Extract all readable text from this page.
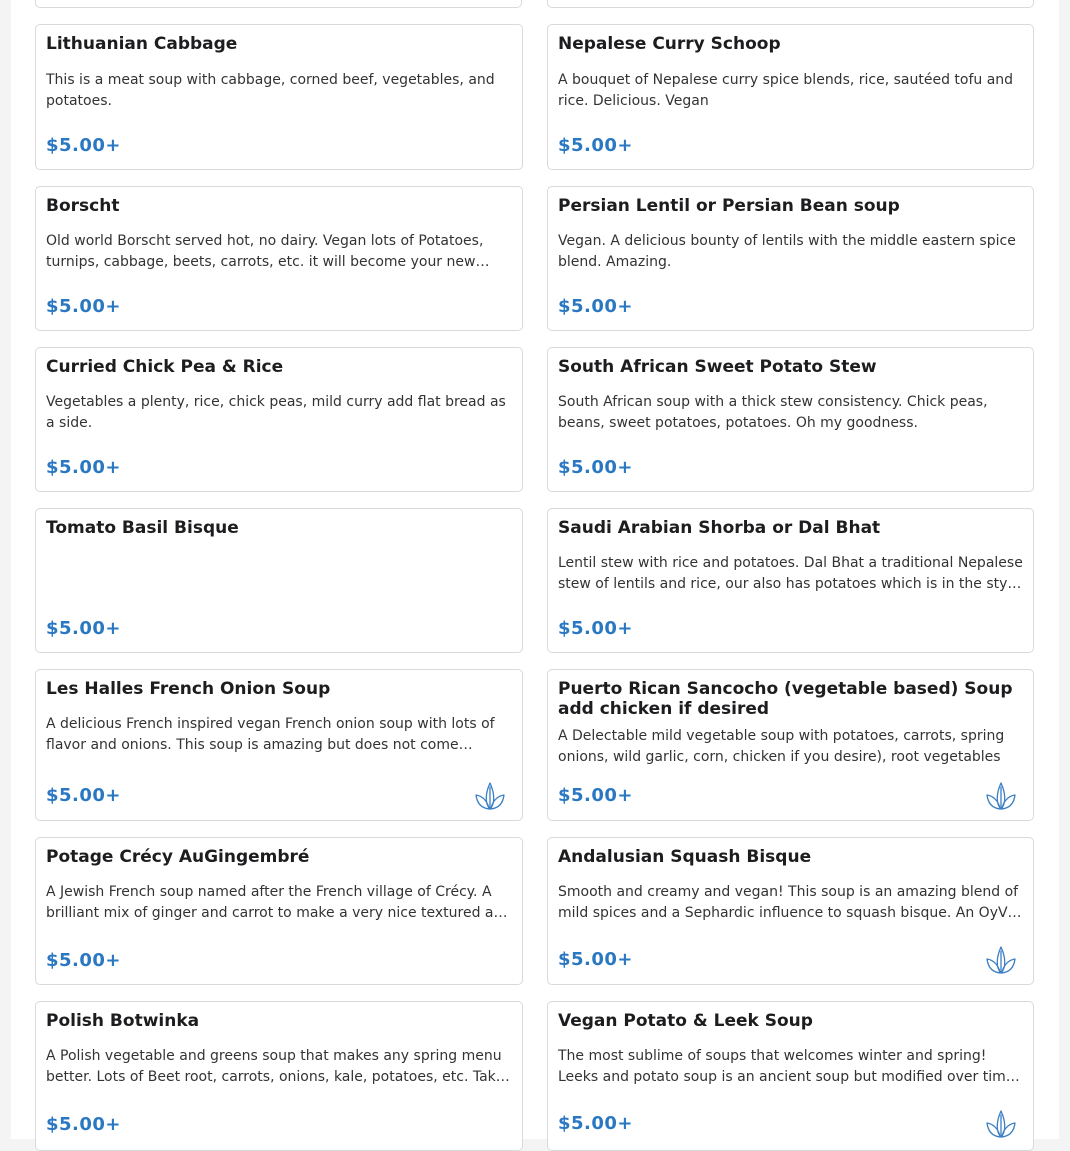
Lithuanian Cabbage
This is a meat soup with cabbage, corned beef, vegetables, and potatoes.
$5.00+
Nepalese Curry Schoop
A bouquet of Nepalese curry spice blends, rice, sautéed tofu and rice. Delicious. Vegan
$5.00+
Borscht
Old world Borscht served hot, no dairy. Vegan lots of Potatoes, turnips, cabbage, beets, carrots, etc. it will become your new…
$5.00+
Persian Lentil or Persian Bean soup
Vegan. A delicious bounty of lentils with the middle eastern spice blend. Amazing.
$5.00+
Curried Chick Pea & Rice
Vegetables a plenty, rice, chick peas, mild curry add flat bread as a side.
$5.00+
South African Sweet Potato Stew
South African soup with a thick stew consistency. Chick peas, beans, sweet potatoes, potatoes. Oh my goodness.
$5.00+
Tomato Basil Bisque
$5.00+
Saudi Arabian Shorba or Dal Bhat
Lentil stew with rice and potatoes. Dal Bhat a traditional Nepalese stew of lentils and rice, our also has potatoes which is in the sty…
$5.00+
Les Halles French Onion Soup
A delicious French inspired vegan French onion soup with lots of flavor and onions. This soup is amazing but does not come…
$5.00+
Puerto Rican Sancocho (vegetable based) Soup add chicken if desired
A Delectable mild vegetable soup with potatoes, carrots, spring onions, wild garlic, corn, chicken if you desire), root vegetables
$5.00+
Potage Crécy AuGingembré
A Jewish French soup named after the French village of Crécy. A brilliant mix of ginger and carrot to make a very nice textured a…
$5.00+
Andalusian Squash Bisque
Smooth and creamy and vegan! This soup is an amazing blend of mild spices and a Sephardic influence to squash bisque. An OyV…
$5.00+
Polish Botwinka
A Polish vegetable and greens soup that makes any spring menu better. Lots of Beet root, carrots, onions, kale, potatoes, etc. Tak…
$5.00+
Vegan Potato & Leek Soup
The most sublime of soups that welcomes winter and spring! Leeks and potato soup is an ancient soup but modified over tim…
$5.00+
